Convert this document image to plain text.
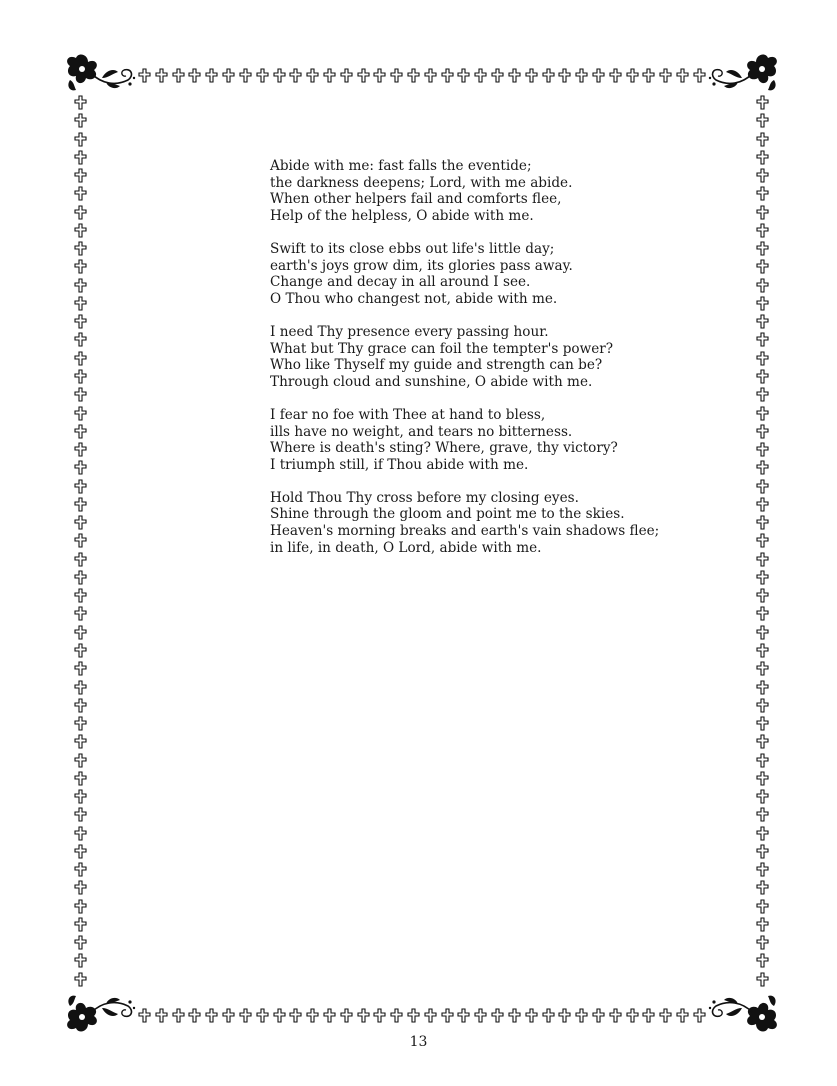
Abide with me: fast falls the eventide;
the darkness deepens; Lord, with me abide.
When other helpers fail and comforts flee,
Help of the helpless, O abide with me.
Swift to its close ebbs out life's little day;
earth's joys grow dim, its glories pass away.
Change and decay in all around I see.
O Thou who changest not, abide with me.
I need Thy presence every passing hour.
What but Thy grace can foil the tempter's power?
Who like Thyself my guide and strength can be?
Through cloud and sunshine, O abide with me.
I fear no foe with Thee at hand to bless,
ills have no weight, and tears no bitterness.
Where is death's sting? Where, grave, thy victory?
I triumph still, if Thou abide with me.
Hold Thou Thy cross before my closing eyes.
Shine through the gloom and point me to the skies.
Heaven's morning breaks and earth's vain shadows flee;
in life, in death, O Lord, abide with me.
13
